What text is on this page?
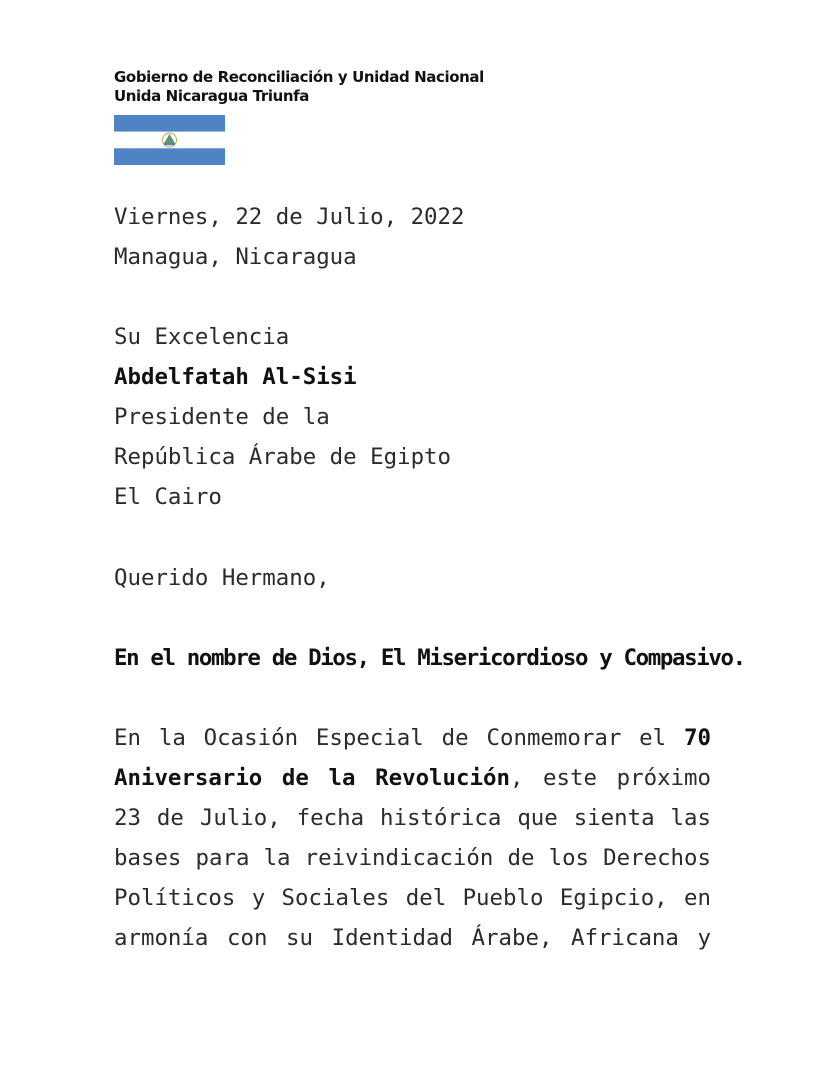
Gobierno de Reconciliación y Unidad Nacional
Unida Nicaragua Triunfa
Viernes, 22 de Julio, 2022
Managua, Nicaragua
Su Excelencia
Abdelfatah Al-Sisi
Presidente de la
República Árabe de Egipto
El Cairo
Querido Hermano,
En el nombre de Dios, El Misericordioso y Compasivo.
En la Ocasión Especial de Conmemorar el 70
Aniversario de la Revolución, este próximo
23 de Julio, fecha histórica que sienta las
bases para la reivindicación de los Derechos
Políticos y Sociales del Pueblo Egipcio, en
armonía con su Identidad Árabe, Africana y
